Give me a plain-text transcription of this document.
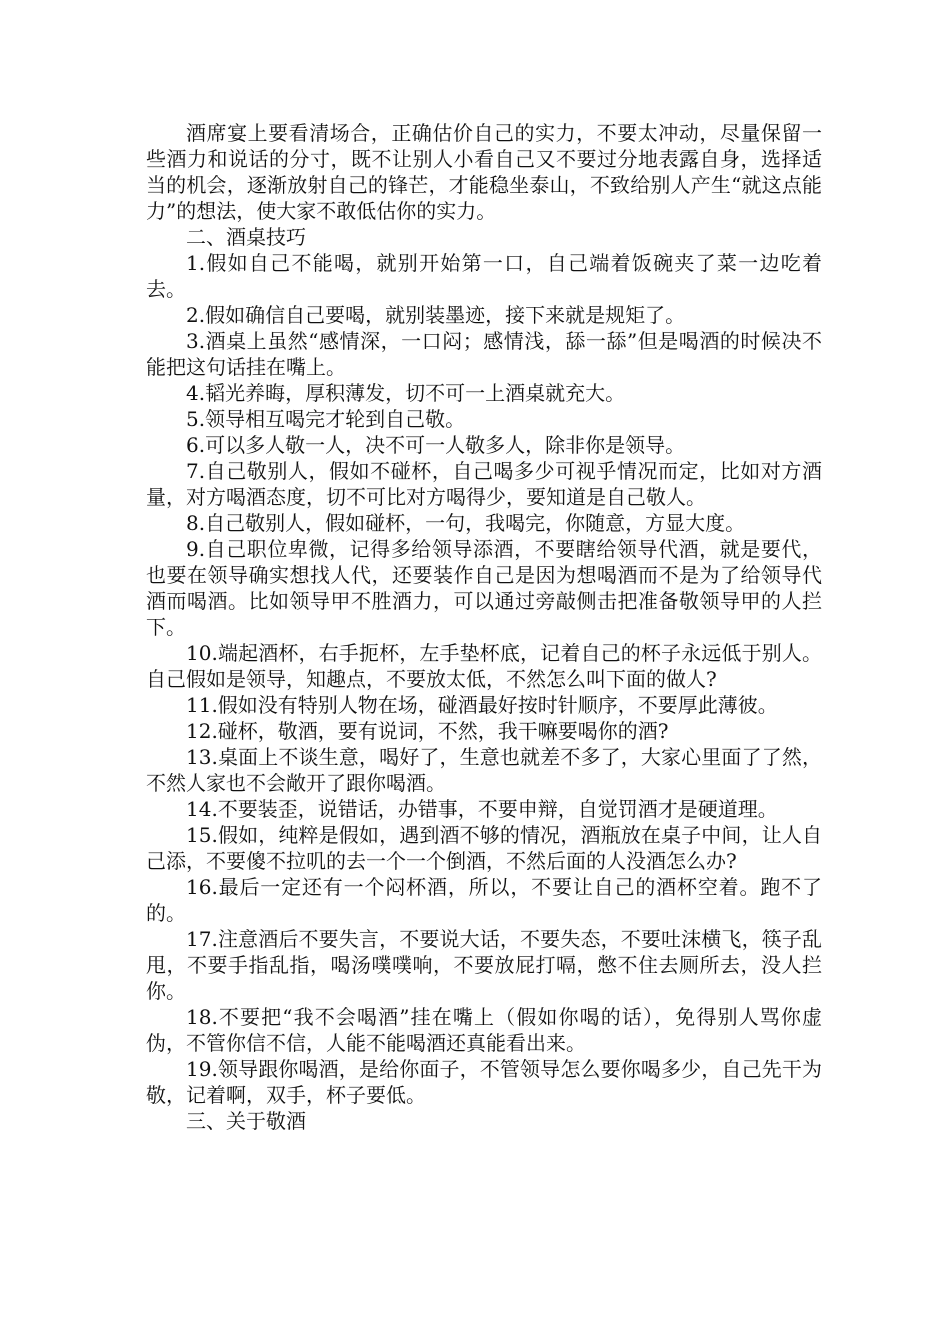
酒席宴上要看清场合，正确估价自己的实力，不要太冲动，尽量保留一些酒力和说话的分寸，既不让别人小看自己又不要过分地表露自身，选择适当的机会，逐渐放射自己的锋芒，才能稳坐泰山，不致给别人产生“就这点能力”的想法，使大家不敢低估你的实力。

二、酒桌技巧

1.假如自己不能喝，就别开始第一口，自己端着饭碗夹了菜一边吃着去。

2.假如确信自己要喝，就别装墨迹，接下来就是规矩了。

3.酒桌上虽然“感情深，一口闷；感情浅，舔一舔”但是喝酒的时候决不能把这句话挂在嘴上。

4.韬光养晦，厚积薄发，切不可一上酒桌就充大。

5.领导相互喝完才轮到自己敬。

6.可以多人敬一人，决不可一人敬多人，除非你是领导。

7.自己敬别人，假如不碰杯，自己喝多少可视乎情况而定，比如对方酒量，对方喝酒态度，切不可比对方喝得少，要知道是自己敬人。

8.自己敬别人，假如碰杯，一句，我喝完，你随意，方显大度。

9.自己职位卑微，记得多给领导添酒，不要瞎给领导代酒，就是要代，也要在领导确实想找人代，还要装作自己是因为想喝酒而不是为了给领导代酒而喝酒。比如领导甲不胜酒力，可以通过旁敲侧击把准备敬领导甲的人拦下。

10.端起酒杯，右手扼杯，左手垫杯底，记着自己的杯子永远低于别人。自己假如是领导，知趣点，不要放太低，不然怎么叫下面的做人?

11.假如没有特别人物在场，碰酒最好按时针顺序，不要厚此薄彼。

12.碰杯，敬酒，要有说词，不然，我干嘛要喝你的酒?

13.桌面上不谈生意，喝好了，生意也就差不多了，大家心里面了了然，不然人家也不会敞开了跟你喝酒。

14.不要装歪，说错话，办错事，不要申辩，自觉罚酒才是硬道理。

15.假如，纯粹是假如，遇到酒不够的情况，酒瓶放在桌子中间，让人自己添，不要傻不拉叽的去一个一个倒酒，不然后面的人没酒怎么办?

16.最后一定还有一个闷杯酒，所以，不要让自己的酒杯空着。跑不了的。

17.注意酒后不要失言，不要说大话，不要失态，不要吐沫横飞，筷子乱甩，不要手指乱指，喝汤噗噗响，不要放屁打嗝，憋不住去厕所去，没人拦你。

18.不要把“我不会喝酒”挂在嘴上（假如你喝的话），免得别人骂你虚伪，不管你信不信，人能不能喝酒还真能看出来。

19.领导跟你喝酒，是给你面子，不管领导怎么要你喝多少，自己先干为敬，记着啊，双手，杯子要低。

三、关于敬酒
